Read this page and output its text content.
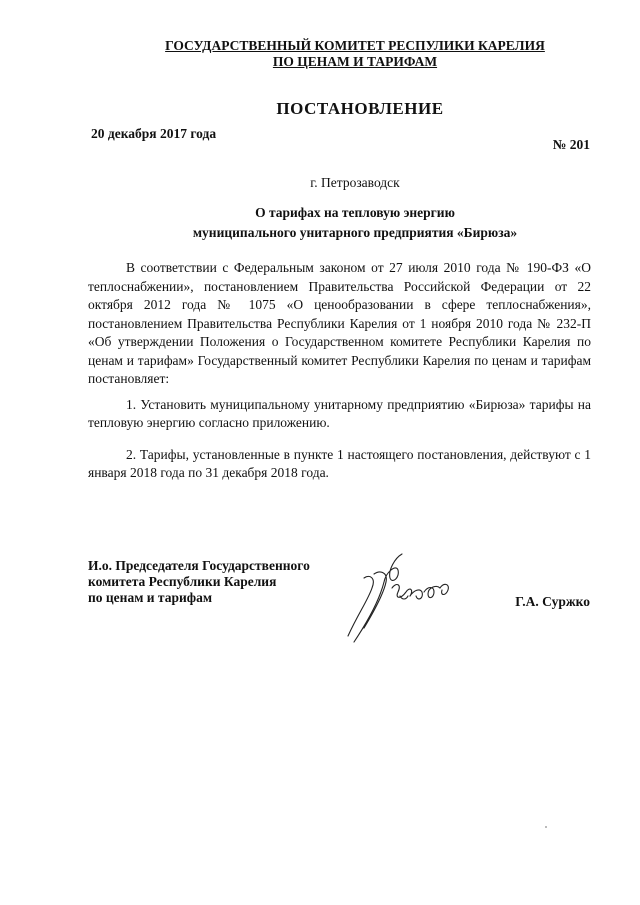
ГОСУДАРСТВЕННЫЙ КОМИТЕТ РЕСПУЛИКИ КАРЕЛИЯ
ПО ЦЕНАМ И ТАРИФАМ
ПОСТАНОВЛЕНИЕ
20 декабря 2017 года
№ 201
г. Петрозаводск
О тарифах на тепловую энергию
муниципального унитарного предприятия «Бирюза»

В соответствии с Федеральным законом от 27 июля 2010 года № 190-ФЗ «О теплоснабжении», постановлением Правительства Российской Федерации от 22 октября 2012 года № 1075 «О ценообразовании в сфере теплоснабжения», постановлением Правительства Республики Карелия от 1 ноября 2010 года № 232-П «Об утверждении Положения о Государственном комитете Республики Карелия по ценам и тарифам» Государственный комитет Республики Карелия по ценам и тарифам постановляет:

1. Установить муниципальному унитарному предприятию «Бирюза» тарифы на тепловую энергию согласно приложению.

2. Тарифы, установленные в пункте 1 настоящего постановления, действуют с 1 января 2018 года по 31 декабря 2018 года.

И.о. Председателя Государственного
комитета Республики Карелия
по ценам и тарифам	Г.А. Суржко
